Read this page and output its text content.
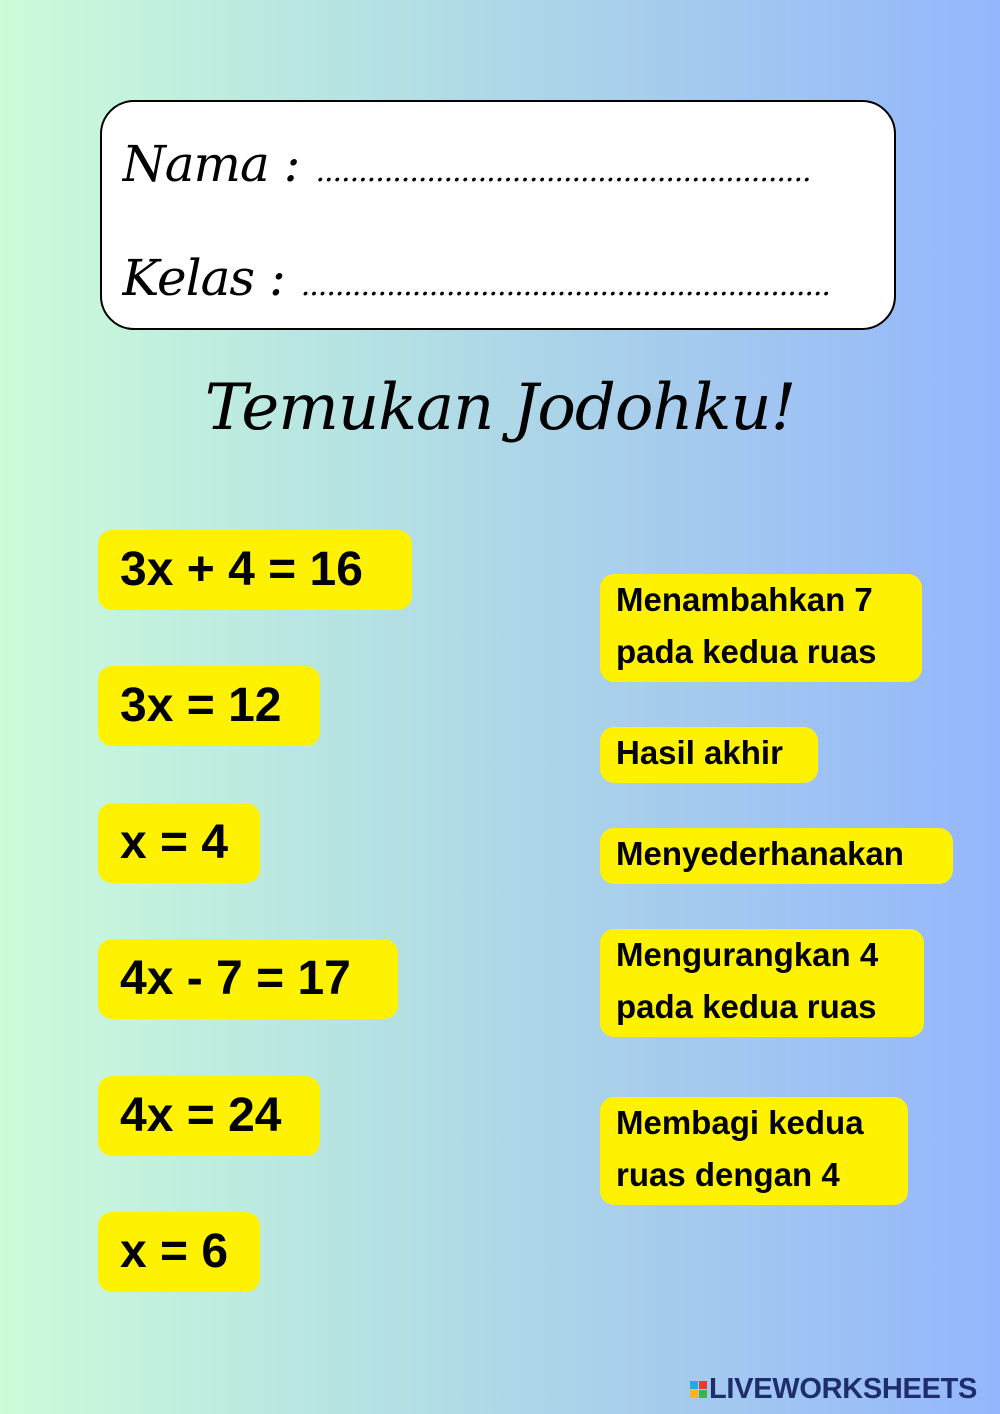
Nama : ..........................................................
Kelas : ..............................................................
Temukan Jodohku!
3x + 4 = 16
3x = 12
x = 4
4x - 7 = 17
4x = 24
x = 6
Menambahkan 7
pada kedua ruas
Hasil akhir
Menyederhanakan
Mengurangkan 4
pada kedua ruas
Membagi kedua
ruas dengan 4
LIVEWORKSHEETS
